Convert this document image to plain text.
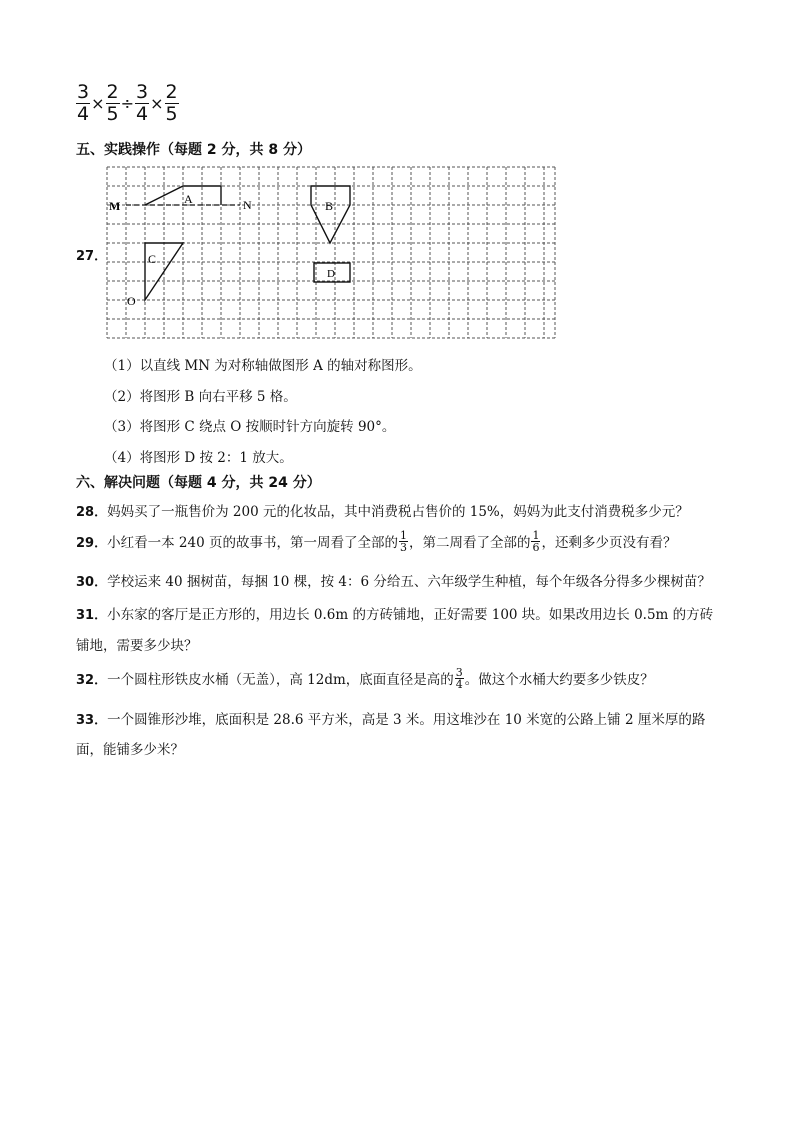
$\frac{3}{4} \times \frac{2}{5} \div \frac{3}{4} \times \frac{2}{5}$
五、实践操作（每题 2 分，共 8 分）
27．
M	N
A	B
C
D
O
（1）以直线 MN 为对称轴做图形 A 的轴对称图形。
（2）将图形 B 向右平移 5 格。
（3）将图形 C 绕点 O 按顺时针方向旋转 90°。
（4）将图形 D 按 2：1 放大。
六、解决问题（每题 4 分，共 24 分）
28．妈妈买了一瓶售价为 200 元的化妆品，其中消费税占售价的 15%，妈妈为此支付消费税多少元？
29．小红看一本 240 页的故事书，第一周看了全部的 $\frac{1}{3}$ ，第二周看了全部的 $\frac{1}{6}$ ，还剩多少页没有看？
30．学校运来 40 捆树苗，每捆 10 棵，按 4：6 分给五、六年级学生种植，每个年级各分得多少棵树苗？
31．小东家的客厅是正方形的，用边长 0.6m 的方砖铺地，正好需要 100 块。如果改用边长 0.5m 的方砖
铺地，需要多少块？
32．一个圆柱形铁皮水桶（无盖），高 12dm，底面直径是高的 $\frac{3}{4}$ 。做这个水桶大约要多少铁皮？
33．一个圆锥形沙堆，底面积是 28.6 平方米，高是 3 米。用这堆沙在 10 米宽的公路上铺 2 厘米厚的路
面，能铺多少米？
